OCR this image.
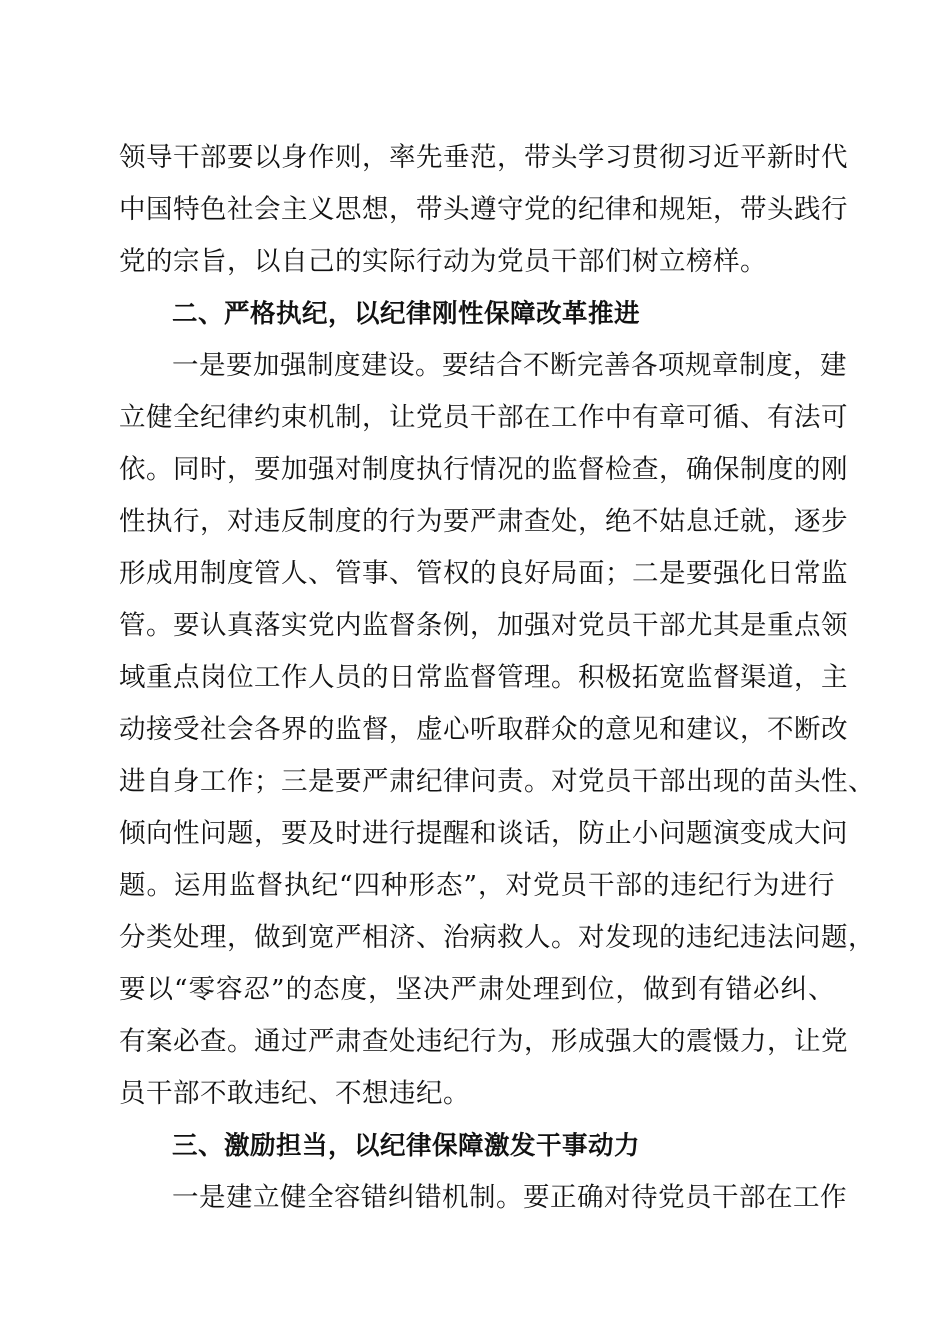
领导干部要以身作则，率先垂范，带头学习贯彻习近平新时代
中国特色社会主义思想，带头遵守党的纪律和规矩，带头践行
党的宗旨，以自己的实际行动为党员干部们树立榜样。

二、严格执纪，以纪律刚性保障改革推进

一是要加强制度建设。要结合不断完善各项规章制度，建
立健全纪律约束机制，让党员干部在工作中有章可循、有法可
依。同时，要加强对制度执行情况的监督检查，确保制度的刚
性执行，对违反制度的行为要严肃查处，绝不姑息迁就，逐步
形成用制度管人、管事、管权的良好局面；二是要强化日常监
管。要认真落实党内监督条例，加强对党员干部尤其是重点领
域重点岗位工作人员的日常监督管理。积极拓宽监督渠道，主
动接受社会各界的监督，虚心听取群众的意见和建议，不断改
进自身工作；三是要严肃纪律问责。对党员干部出现的苗头性、
倾向性问题，要及时进行提醒和谈话，防止小问题演变成大问
题。运用监督执纪“四种形态”，对党员干部的违纪行为进行
分类处理，做到宽严相济、治病救人。对发现的违纪违法问题，
要以“零容忍”的态度，坚决严肃处理到位，做到有错必纠、
有案必查。通过严肃查处违纪行为，形成强大的震慑力，让党
员干部不敢违纪、不想违纪。

三、激励担当，以纪律保障激发干事动力

一是建立健全容错纠错机制。要正确对待党员干部在工作
